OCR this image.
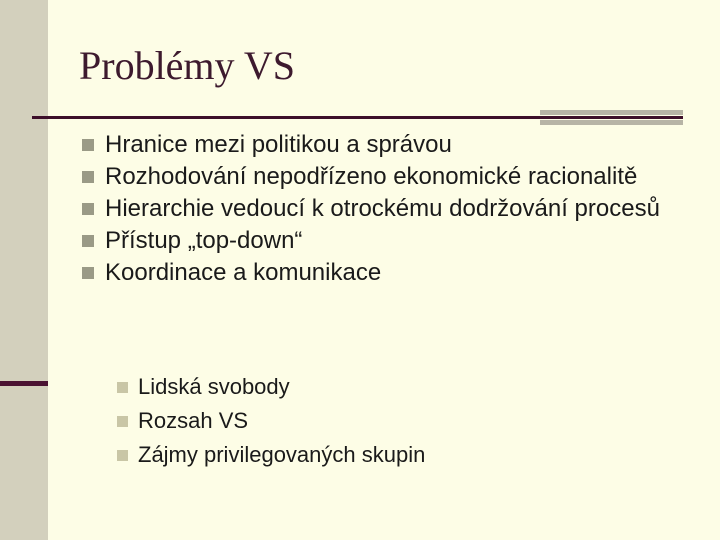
Problémy VS
Hranice mezi politikou a správou
Rozhodování nepodřízeno ekonomické racionalitě
Hierarchie vedoucí k otrockému dodržování procesů
Přístup „top-down“
Koordinace a komunikace
Lidská svobody
Rozsah VS
Zájmy privilegovaných skupin
